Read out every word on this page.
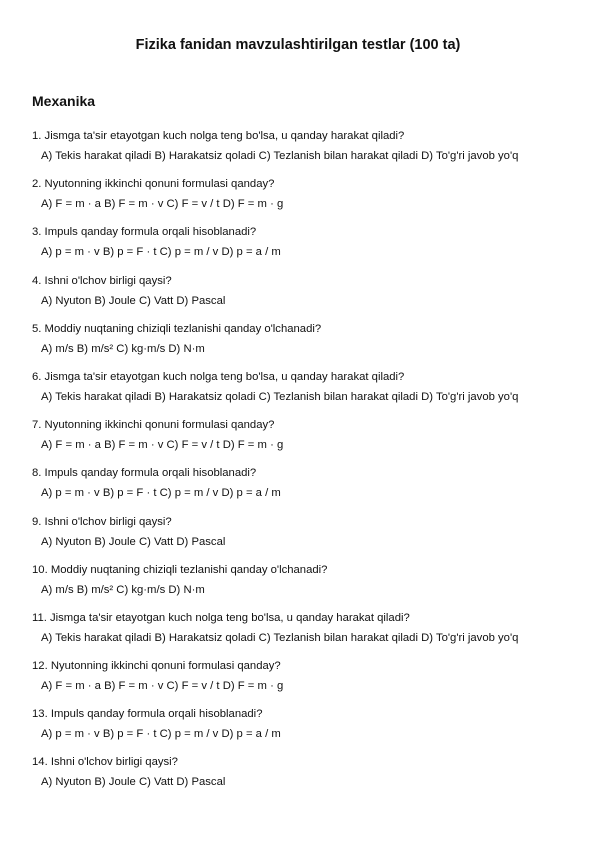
Fizika fanidan mavzulashtirilgan testlar (100 ta)
Mexanika
1. Jismga ta'sir etayotgan kuch nolga teng bo'lsa, u qanday harakat qiladi?
A) Tekis harakat qiladi B) Harakatsiz qoladi C) Tezlanish bilan harakat qiladi D) To'g'ri javob yo'q
2. Nyutonning ikkinchi qonuni formulasi qanday?
A) F = m · a B) F = m · v C) F = v / t D) F = m · g
3. Impuls qanday formula orqali hisoblanadi?
A) p = m · v B) p = F · t C) p = m / v D) p = a / m
4. Ishni o'lchov birligi qaysi?
A) Nyuton B) Joule C) Vatt D) Pascal
5. Moddiy nuqtaning chiziqli tezlanishi qanday o'lchanadi?
A) m/s B) m/s² C) kg·m/s D) N·m
6. Jismga ta'sir etayotgan kuch nolga teng bo'lsa, u qanday harakat qiladi?
A) Tekis harakat qiladi B) Harakatsiz qoladi C) Tezlanish bilan harakat qiladi D) To'g'ri javob yo'q
7. Nyutonning ikkinchi qonuni formulasi qanday?
A) F = m · a B) F = m · v C) F = v / t D) F = m · g
8. Impuls qanday formula orqali hisoblanadi?
A) p = m · v B) p = F · t C) p = m / v D) p = a / m
9. Ishni o'lchov birligi qaysi?
A) Nyuton B) Joule C) Vatt D) Pascal
10. Moddiy nuqtaning chiziqli tezlanishi qanday o'lchanadi?
A) m/s B) m/s² C) kg·m/s D) N·m
11. Jismga ta'sir etayotgan kuch nolga teng bo'lsa, u qanday harakat qiladi?
A) Tekis harakat qiladi B) Harakatsiz qoladi C) Tezlanish bilan harakat qiladi D) To'g'ri javob yo'q
12. Nyutonning ikkinchi qonuni formulasi qanday?
A) F = m · a B) F = m · v C) F = v / t D) F = m · g
13. Impuls qanday formula orqali hisoblanadi?
A) p = m · v B) p = F · t C) p = m / v D) p = a / m
14. Ishni o'lchov birligi qaysi?
A) Nyuton B) Joule C) Vatt D) Pascal
